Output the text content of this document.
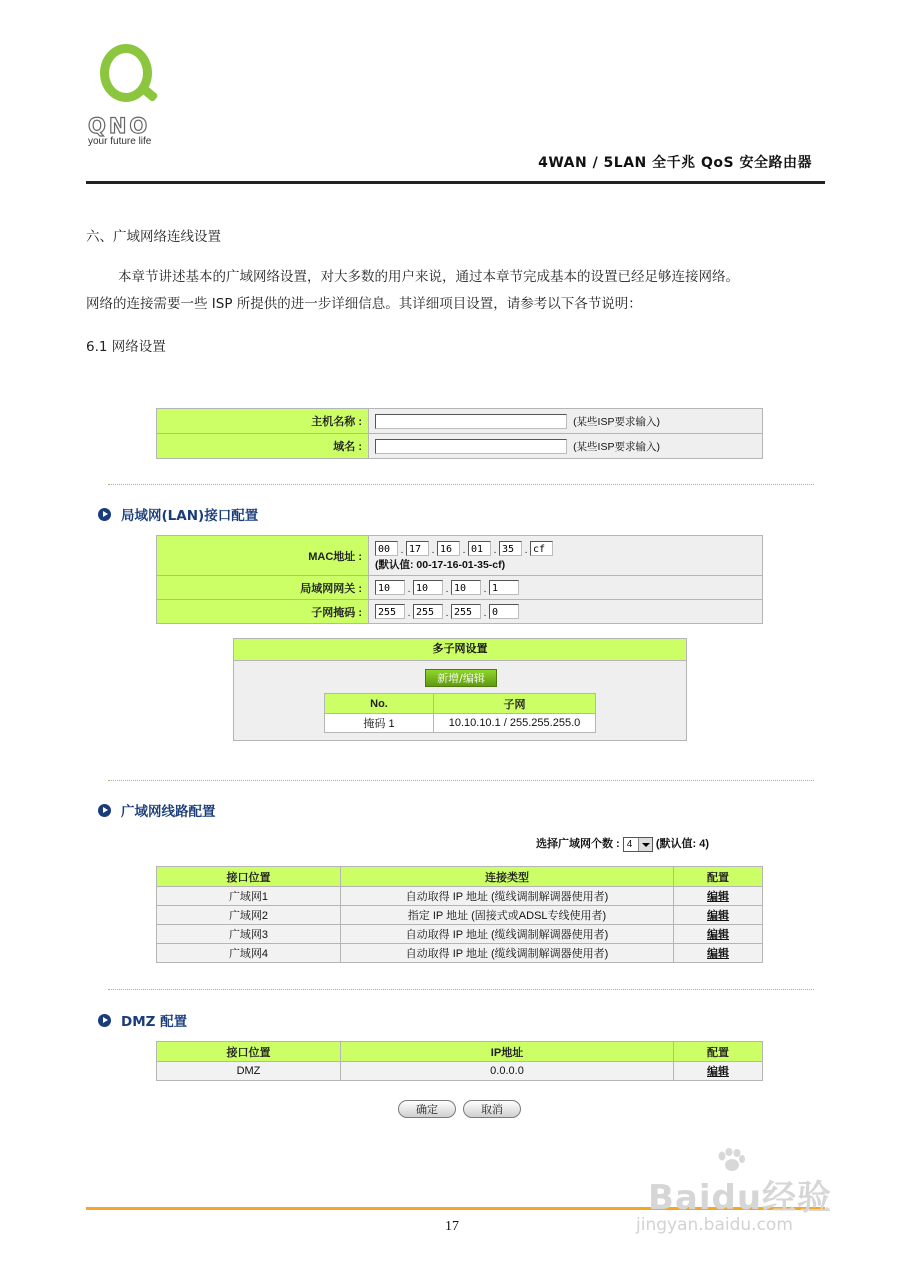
QNO
your future life
4WAN / 5LAN 全千兆 QoS 安全路由器
六、广域网络连线设置
本章节讲述基本的广域网络设置，对大多数的用户来说，通过本章节完成基本的设置已经足够连接网络。
网络的连接需要一些 ISP 所提供的进一步详细信息。其详细项目设置，请参考以下各节说明：
6.1 网络设置
主机名称 :	(某些ISP要求输入)
域名 :	(某些ISP要求输入)
局域网(LAN)接口配置
MAC地址 :	00 . 17 . 16 . 01 . 35 . cf
(默认值: 00-17-16-01-35-cf)

局域网网关 :	10 . 10 . 10 . 1
子网掩码 :	255 . 255 . 255 . 0
多子网设置
新增/编辑
No.	子网
掩码 1	10.10.10.1 / 255.255.255.0
广域网线路配置
选择广域网个数 : 4 (默认值: 4)
接口位置	连接类型	配置
广域网1	自动取得 IP 地址 (缆线调制解调器使用者)	编辑
广域网2	指定 IP 地址 (固接式或ADSL专线使用者)	编辑
广域网3	自动取得 IP 地址 (缆线调制解调器使用者)	编辑
广域网4	自动取得 IP 地址 (缆线调制解调器使用者)	编辑
DMZ 配置
接口位置	IP地址	配置
DMZ	0.0.0.0	编辑
确定	取消
17
Baidu经验
jingyan.baidu.com
